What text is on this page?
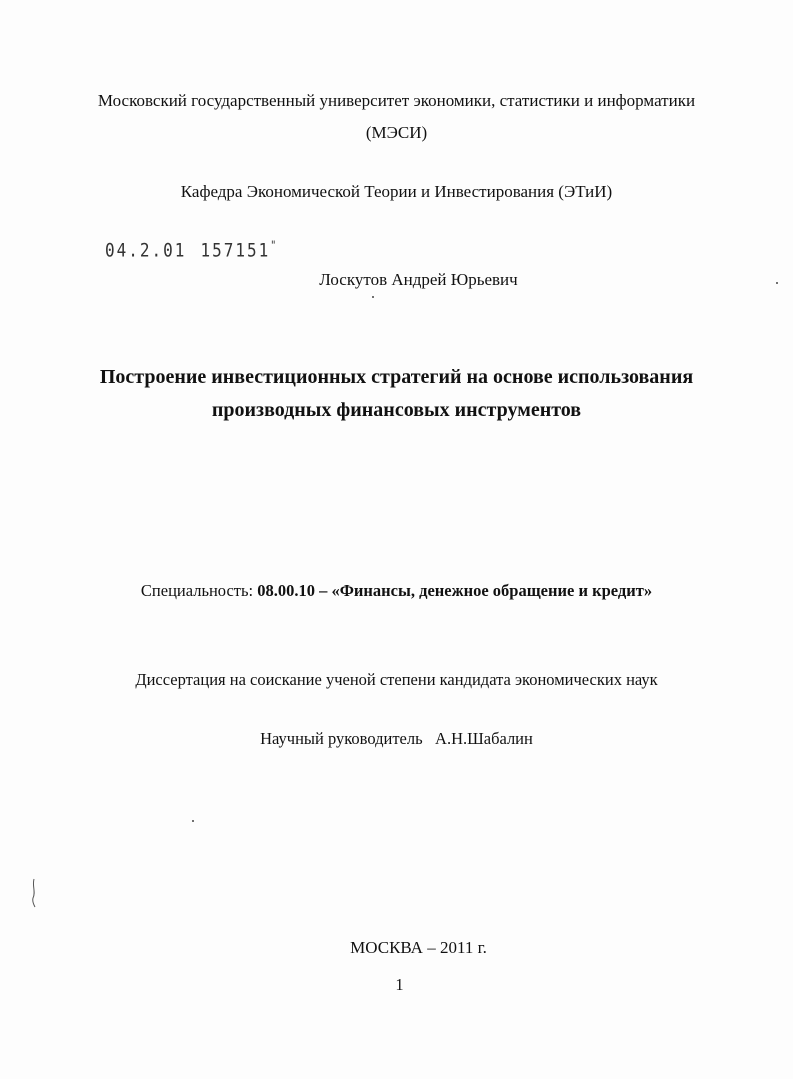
Московский государственный университет экономики, статистики и информатики
(МЭСИ)
Кафедра Экономической Теории и Инвестирования (ЭТиИ)
04.2.01 157151"
Лоскутов Андрей Юрьевич
Построение инвестиционных стратегий на основе использования
производных финансовых инструментов
Специальность: 08.00.10 – «Финансы, денежное обращение и кредит»
Диссертация на соискание ученой степени кандидата экономических наук
Научный руководитель А.Н.Шабалин
МОСКВА – 2011 г.
1
